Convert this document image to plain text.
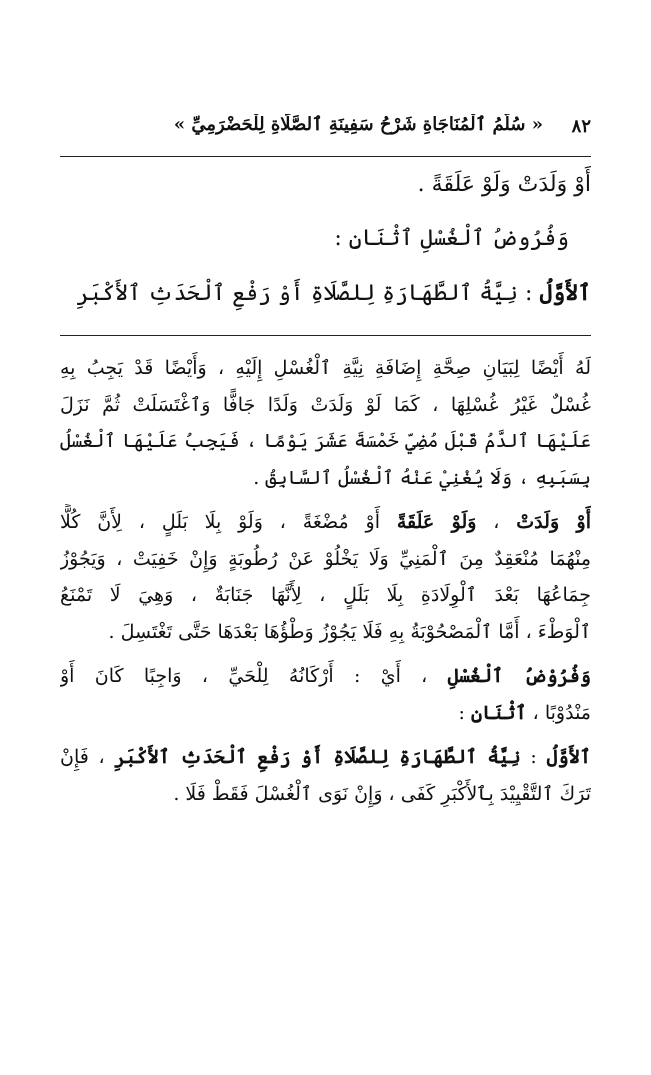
٨٢
« سُلَّمُ ٱلْمُنَاجَاةِ شَرْحُ سَفِينَةِ ٱلصَّلَاةِ لِلْحَضْرَمِيِّ »
أَوْ وَلَدَتْ وَلَوْ عَلَقَةً .
وَفُرُوضُ ٱلْغُسْلِ ٱثْنَانِ :
ٱلأَوَّلُ : نِيَّةُ ٱلطَّهَارَةِ لِلصَّلَاةِ أَوْ رَفْعِ ٱلْحَدَثِ ٱلأَكْبَرِ
لَهُ أَيْضًا لِبَيَانِ صِحَّةِ إِضَافَةِ نِيَّةِ ٱلْغُسْلِ إِلَيْهِ ، وَأَيْضًا قَدْ يَجِبُ بِهِ
غُسْلٌ غَيْرُ غُسْلِهَا ، كَمَا لَوْ وَلَدَتْ وَلَدًا جَافًّا وَٱغْتَسَلَتْ ثُمَّ نَزَلَ
عَلَيْهَا ٱلدَّمُ قَبْلَ مُضِيِّ خَمْسَةَ عَشَرَ يَوْمًا ، فَيَجِبُ عَلَيْهَا ٱلْغُسْلُ
بِسَبَبِهِ ، وَلَا يُغْنِيْ عَنْهُ ٱلْغُسْلُ ٱلسَّابِقُ .
أَوْ وَلَدَتْ ، وَلَوْ عَلَقَةً أَوْ مُضْغَةً ، وَلَوْ بِلَا بَلَلٍ ، لِأَنَّ كُلًّا
مِنْهُمَا مُنْعَقِدٌ مِنَ ٱلْمَنِيِّ وَلَا يَخْلُوْ عَنْ رُطُوبَةٍ وَإِنْ خَفِيَتْ ، وَيَجُوْزُ
جِمَاعُهَا بَعْدَ ٱلْوِلَادَةِ بِلَا بَلَلٍ ، لِأَنَّهَا جَنَابَةٌ ، وَهِيَ لَا تَمْنَعُ
ٱلْوَطْءَ ، أَمَّا ٱلْمَصْحُوْبَةُ بِهِ فَلَا يَجُوْزُ وَطْؤُهَا بَعْدَهَا حَتَّى تَغْتَسِلَ .
وَفُرُوْضُ ٱلْغُسْلِ ، أَيْ : أَرْكَانُهُ لِلْحَيِّ ، وَاجِبًا كَانَ أَوْ
مَنْدُوْبًا ، ٱثْنَانِ :
ٱلأَوَّلُ : نِيَّةُ ٱلطَّهَارَةِ لِلصَّلَاةِ أَوْ رَفْعِ ٱلْحَدَثِ ٱلأَكْبَرِ ، فَإِنْ
تَرَكَ ٱلتَّقْيِيْدَ بِٱلأَكْبَرِ كَفَى ، وَإِنْ نَوَى ٱلْغُسْلَ فَقَطْ فَلَا .
